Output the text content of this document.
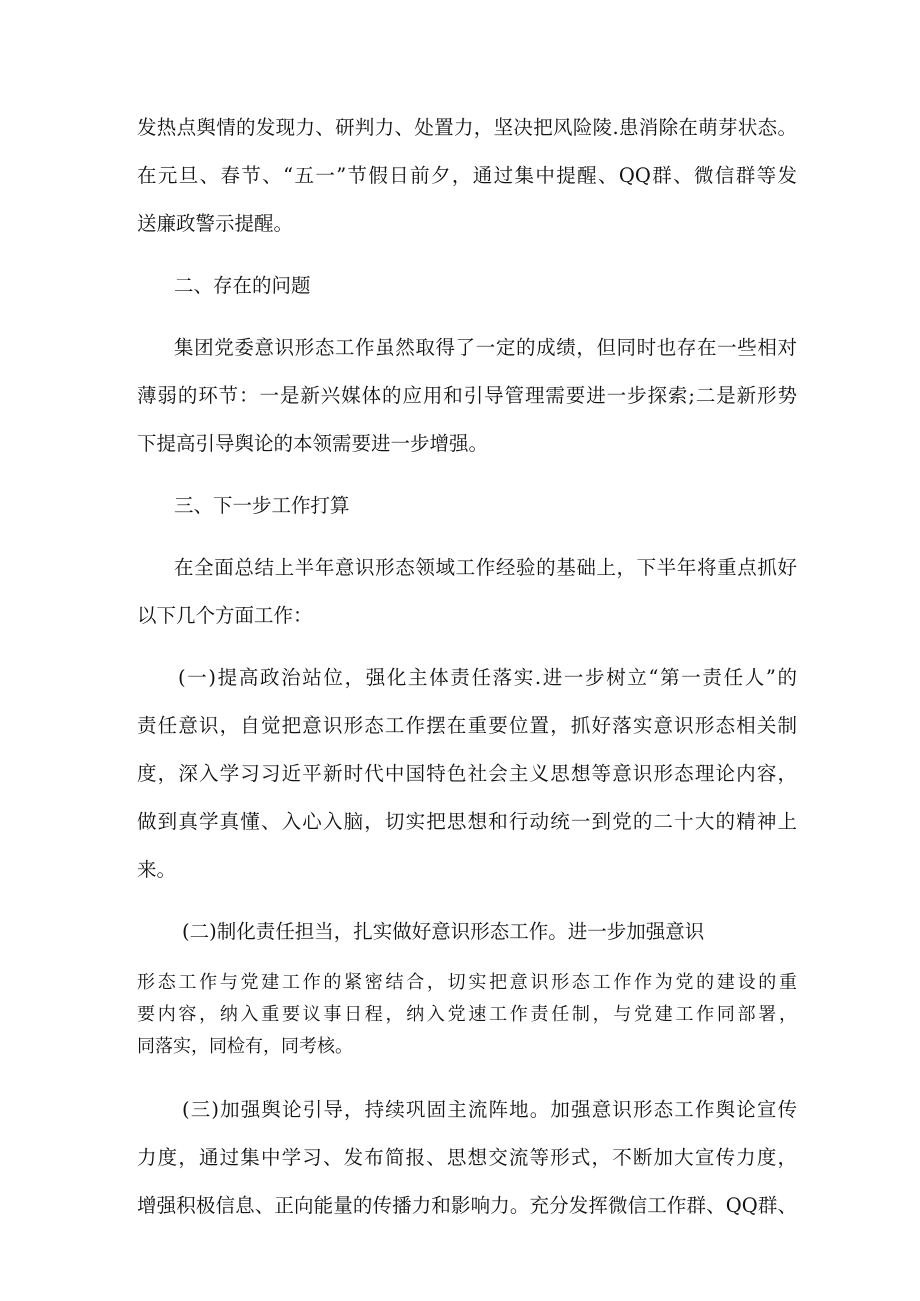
发热点舆情的发现力、研判力、处置力，坚决把风险陵.患消除在萌芽状态。
在元旦、春节、“五一”节假日前夕，通过集中提醒、QQ群、微信群等发
送廉政警示提醒。
二、存在的问题
集团党委意识形态工作虽然取得了一定的成绩，但同时也存在一些相对
薄弱的环节：一是新兴媒体的应用和引导管理需要进一步探索;二是新形势
下提高引导舆论的本领需要进一步增强。
三、下一步工作打算
在全面总结上半年意识形态领域工作经验的基础上，下半年将重点抓好
以下几个方面工作：
(一)提高政治站位，强化主体责任落实.进一步树立“第一责任人”的
责任意识，自觉把意识形态工作摆在重要位置，抓好落实意识形态相关制
度，深入学习习近平新时代中国特色社会主义思想等意识形态理论内容，
做到真学真懂、入心入脑，切实把思想和行动统一到党的二十大的精神上
来。
(二)制化责任担当，扎实做好意识形态工作。进一步加强意识
形态工作与党建工作的紧密结合，切实把意识形态工作作为党的建设的重
要内容，纳入重要议事日程，纳入党速工作责任制，与党建工作同部署，
同落实，同检有，同考核。
(三)加强舆论引导，持续巩固主流阵地。加强意识形态工作舆论宣传
力度，通过集中学习、发布简报、思想交流等形式，不断加大宣传力度，
增强积极信息、正向能量的传播力和影响力。充分发挥微信工作群、QQ群、
